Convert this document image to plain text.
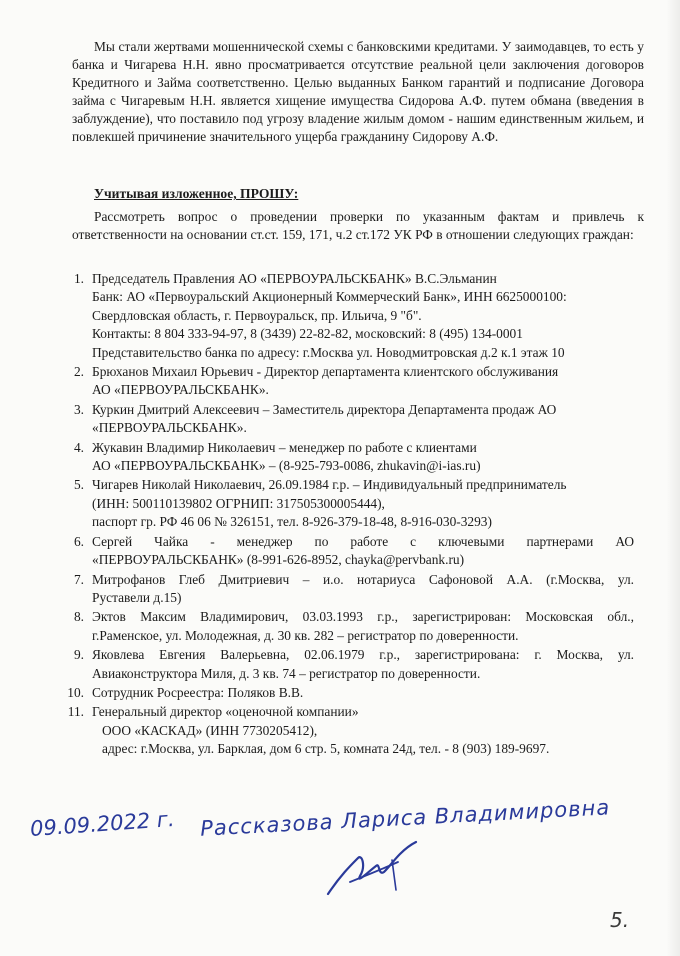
Мы стали жертвами мошеннической схемы с банковскими кредитами. У заимодавцев, то есть у банка и Чигарева Н.Н. явно просматривается отсутствие реальной цели заключения договоров Кредитного и Займа соответственно. Целью выданных Банком гарантий и подписание Договора займа с Чигаревым Н.Н. является хищение имущества Сидорова А.Ф. путем обмана (введения в заблуждение), что поставило под угрозу владение жилым домом - нашим единственным жильем, и повлекшей причинение значительного ущерба гражданину Сидорову А.Ф.

Учитывая изложенное, ПРОШУ:

Рассмотреть вопрос о проведении проверки по указанным фактам и привлечь к ответственности на основании ст.ст. 159, 171, ч.2 ст.172 УК РФ в отношении следующих граждан:

1. Председатель Правления АО «ПЕРВОУРАЛЬСКБАНК» В.С.Эльманин
Банк: АО «Первоуральский Акционерный Коммерческий Банк», ИНН 6625000100:
Свердловская область, г. Первоуральск, пр. Ильича, 9 "б".
Контакты: 8 804 333-94-97, 8 (3439) 22-82-82, московский: 8 (495) 134-0001
Представительство банка по адресу: г.Москва ул. Новодмитровская д.2 к.1 этаж 10
2. Брюханов Михаил Юрьевич - Директор департамента клиентского обслуживания
АО «ПЕРВОУРАЛЬСКБАНК».
3. Куркин Дмитрий Алексеевич – Заместитель директора Департамента продаж АО
«ПЕРВОУРАЛЬСКБАНК».
4. Жукавин Владимир Николаевич – менеджер по работе с клиентами
АО «ПЕРВОУРАЛЬСКБАНК» – (8-925-793-0086, zhukavin@i-ias.ru)
5. Чигарев Николай Николаевич, 26.09.1984 г.р. – Индивидуальный предприниматель
(ИНН: 500110139802 ОГРНИП: 317505300005444),
паспорт гр. РФ 46 06 № 326151, тел. 8-926-379-18-48, 8-916-030-3293)
6. Сергей Чайка - менеджер по работе с ключевыми партнерами АО
«ПЕРВОУРАЛЬСКБАНК» (8-991-626-8952, chayka@pervbank.ru)
7. Митрофанов Глеб Дмитриевич – и.о. нотариуса Сафоновой А.А. (г.Москва, ул.
Руставели д.15)
8. Эктов Максим Владимирович, 03.03.1993 г.р., зарегистрирован: Московская обл.,
г.Раменское, ул. Молодежная, д. 30 кв. 282 – регистратор по доверенности.
9. Яковлева Евгения Валерьевна, 02.06.1979 г.р., зарегистрирована: г. Москва, ул.
Авиаконструктора Миля, д. 3 кв. 74 – регистратор по доверенности.
10. Сотрудник Росреестра: Поляков В.В.
11. Генеральный директор «оценочной компании»
ООО «КАСКАД» (ИНН 7730205412),
адрес: г.Москва, ул. Барклая, дом 6 стр. 5, комната 24д, тел. - 8 (903) 189-9697.
09.09.2022 г. Рассказова Лариса Владимировна
5.
